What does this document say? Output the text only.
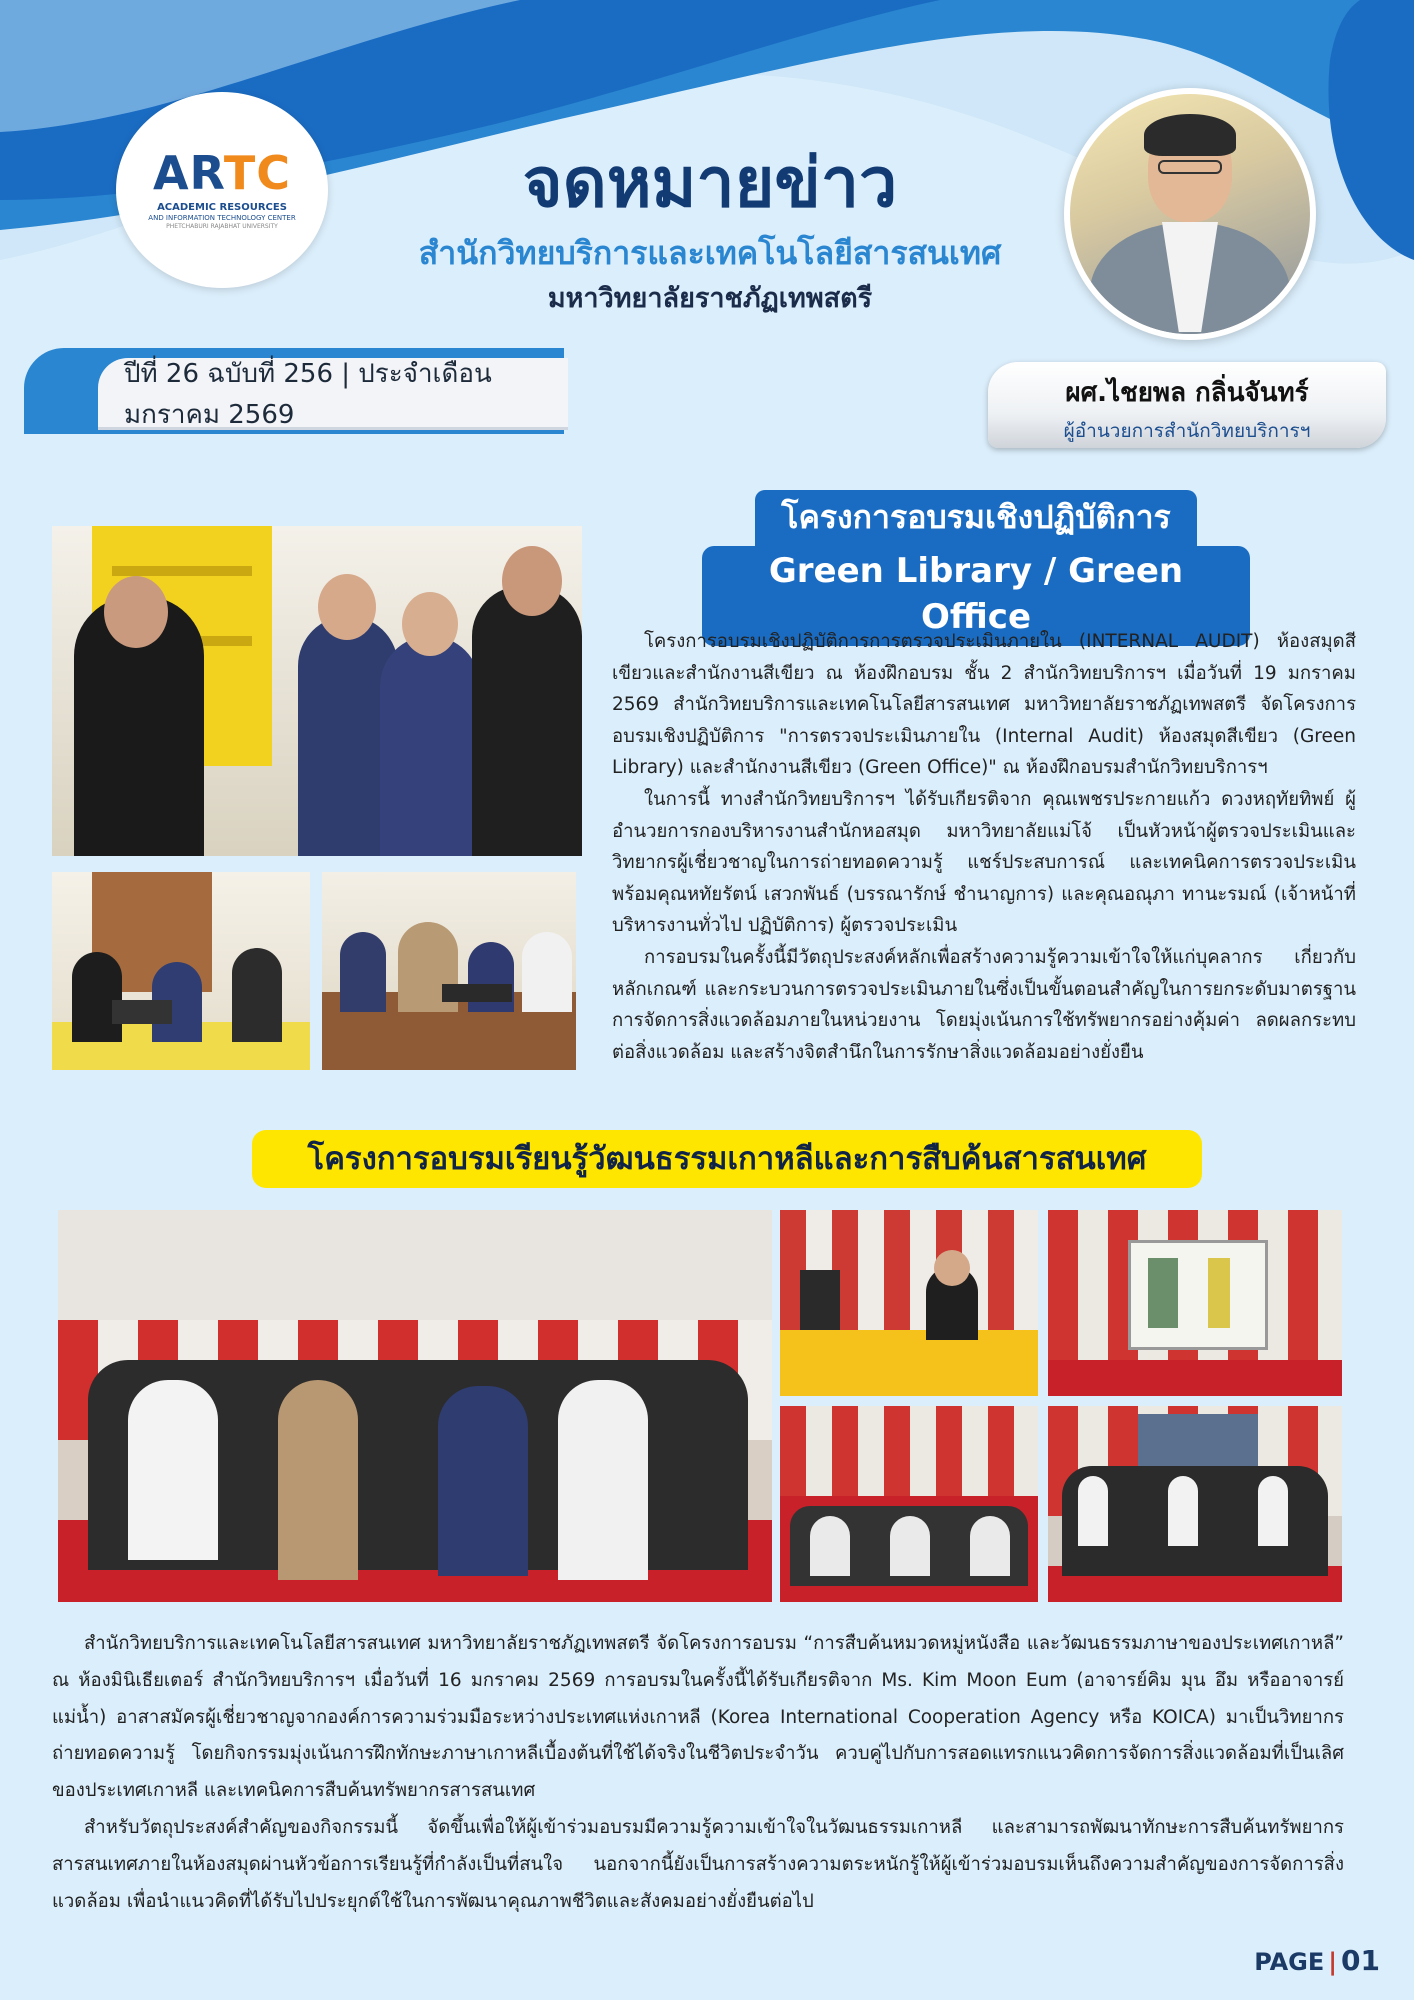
ARTC
ACADEMIC RESOURCES
AND INFORMATION TECHNOLOGY CENTER
PHETCHABURI RAJABHAT UNIVERSITY
จดหมายข่าว
สำนักวิทยบริการและเทคโนโลยีสารสนเทศ
มหาวิทยาลัยราชภัฏเทพสตรี
ปีที่ 26 ฉบับที่ 256 | ประจำเดือน มกราคม 2569
ผศ.ไชยพล กลิ่นจันทร์
ผู้อำนวยการสำนักวิทยบริการฯ
โครงการอบรมเชิงปฏิบัติการ
Green Library / Green Office

โครงการอบรมเชิงปฏิบัติการการตรวจประเมินภายใน (INTERNAL AUDIT) ห้องสมุดสีเขียวและสำนักงานสีเขียว ณ ห้องฝึกอบรม ชั้น 2 สำนักวิทยบริการฯ เมื่อวันที่ 19 มกราคม 2569 สำนักวิทยบริการและเทคโนโลยีสารสนเทศ มหาวิทยาลัยราชภัฏเทพสตรี จัดโครงการอบรมเชิงปฏิบัติการ "การตรวจประเมินภายใน (Internal Audit) ห้องสมุดสีเขียว (Green Library) และสำนักงานสีเขียว (Green Office)" ณ ห้องฝึกอบรมสำนักวิทยบริการฯ

ในการนี้ ทางสำนักวิทยบริการฯ ได้รับเกียรติจาก คุณเพชรประกายแก้ว ดวงหฤทัยทิพย์ ผู้อำนวยการกองบริหารงานสำนักหอสมุด มหาวิทยาลัยแม่โจ้ เป็นหัวหน้าผู้ตรวจประเมินและวิทยากรผู้เชี่ยวชาญในการถ่ายทอดความรู้ แชร์ประสบการณ์ และเทคนิคการตรวจประเมิน พร้อมคุณหทัยรัตน์ เสวกพันธ์ (บรรณารักษ์ ชำนาญการ) และคุณอณุภา ทานะรมณ์ (เจ้าหน้าที่บริหารงานทั่วไป ปฏิบัติการ) ผู้ตรวจประเมิน

การอบรมในครั้งนี้มีวัตถุประสงค์หลักเพื่อสร้างความรู้ความเข้าใจให้แก่บุคลากร เกี่ยวกับหลักเกณฑ์ และกระบวนการตรวจประเมินภายในซึ่งเป็นขั้นตอนสำคัญในการยกระดับมาตรฐานการจัดการสิ่งแวดล้อมภายในหน่วยงาน โดยมุ่งเน้นการใช้ทรัพยากรอย่างคุ้มค่า ลดผลกระทบต่อสิ่งแวดล้อม และสร้างจิตสำนึกในการรักษาสิ่งแวดล้อมอย่างยั่งยืน

โครงการอบรมเรียนรู้วัฒนธรรมเกาหลีและการสืบค้นสารสนเทศ

สำนักวิทยบริการและเทคโนโลยีสารสนเทศ มหาวิทยาลัยราชภัฏเทพสตรี จัดโครงการอบรม “การสืบค้นหมวดหมู่หนังสือ และวัฒนธรรมภาษาของประเทศเกาหลี” ณ ห้องมินิเธียเตอร์ สำนักวิทยบริการฯ เมื่อวันที่ 16 มกราคม 2569 การอบรมในครั้งนี้ได้รับเกียรติจาก Ms. Kim Moon Eum (อาจารย์คิม มุน อึม หรืออาจารย์แม่น้ำ) อาสาสมัครผู้เชี่ยวชาญจากองค์การความร่วมมือระหว่างประเทศแห่งเกาหลี (Korea International Cooperation Agency หรือ KOICA) มาเป็นวิทยากรถ่ายทอดความรู้ โดยกิจกรรมมุ่งเน้นการฝึกทักษะภาษาเกาหลีเบื้องต้นที่ใช้ได้จริงในชีวิตประจำวัน ควบคู่ไปกับการสอดแทรกแนวคิดการจัดการสิ่งแวดล้อมที่เป็นเลิศของประเทศเกาหลี และเทคนิคการสืบค้นทรัพยากรสารสนเทศ

สำหรับวัตถุประสงค์สำคัญของกิจกรรมนี้ จัดขึ้นเพื่อให้ผู้เข้าร่วมอบรมมีความรู้ความเข้าใจในวัฒนธรรมเกาหลี และสามารถพัฒนาทักษะการสืบค้นทรัพยากรสารสนเทศภายในห้องสมุดผ่านหัวข้อการเรียนรู้ที่กำลังเป็นที่สนใจ นอกจากนี้ยังเป็นการสร้างความตระหนักรู้ให้ผู้เข้าร่วมอบรมเห็นถึงความสำคัญของการจัดการสิ่งแวดล้อม เพื่อนำแนวคิดที่ได้รับไปประยุกต์ใช้ในการพัฒนาคุณภาพชีวิตและสังคมอย่างยั่งยืนต่อไป

PAGE | 01
